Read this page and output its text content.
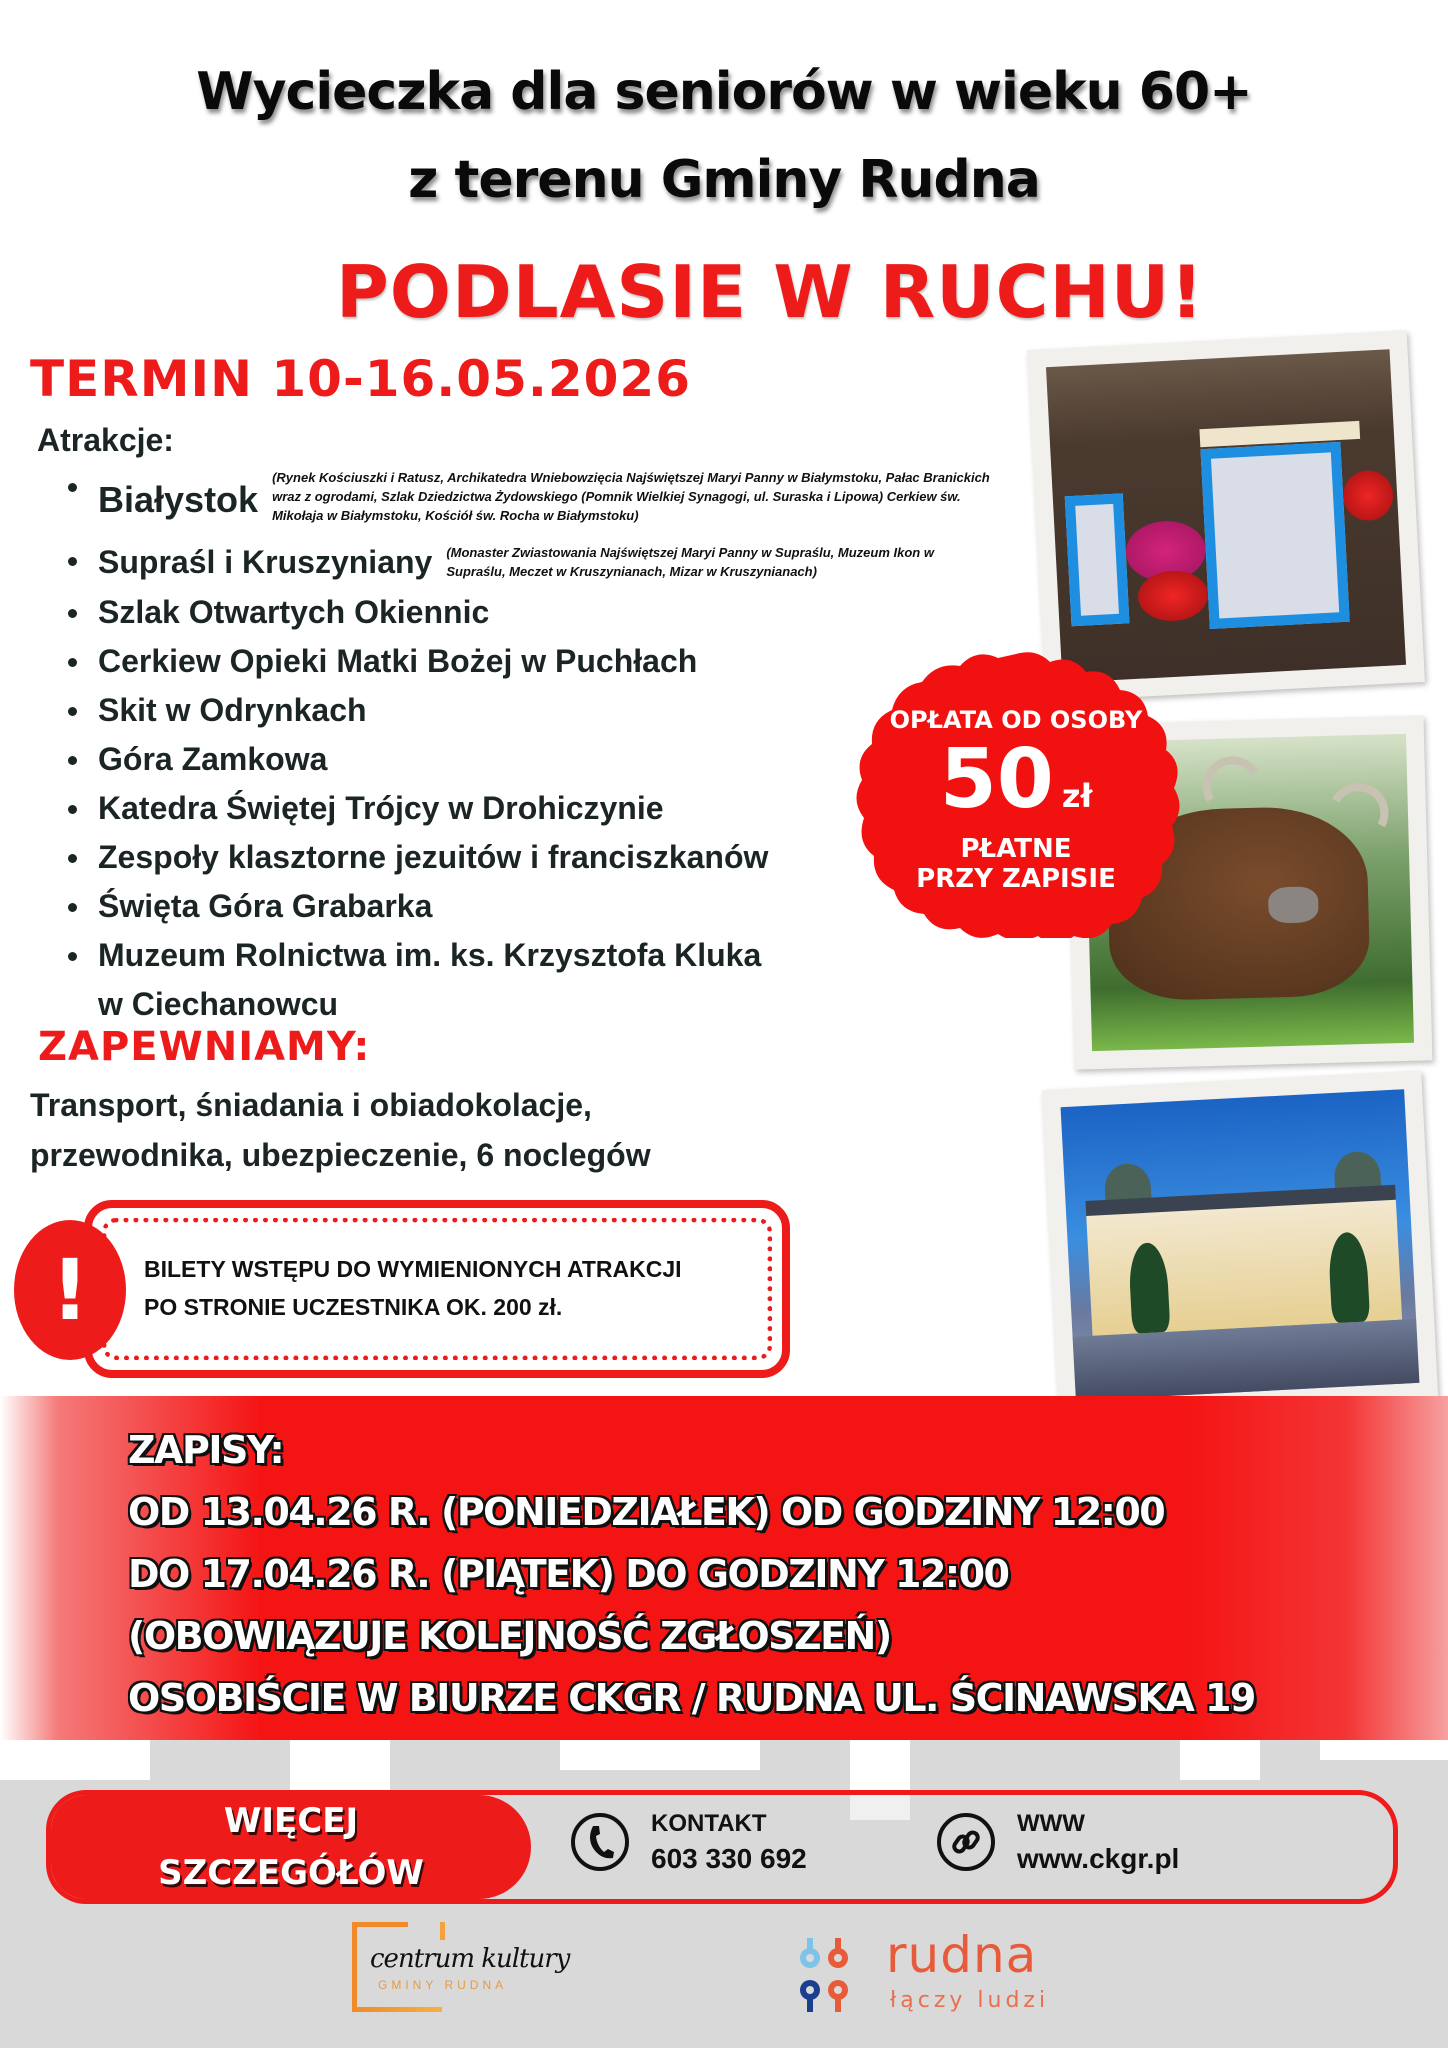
Wycieczka dla seniorów w wieku 60+
z terenu Gminy Rudna
PODLASIE W RUCHU!
TERMIN 10-16.05.2026
Atrakcje:
Białystok
(Rynek Kościuszki i Ratusz, Archikatedra Wniebowzięcia Najświętszej Maryi Panny w Białymstoku, Pałac Branickich wraz z ogrodami, Szlak Dziedzictwa Żydowskiego (Pomnik Wielkiej Synagogi, ul. Suraska i Lipowa) Cerkiew św. Mikołaja w Białymstoku, Kościół św. Rocha w Białymstoku)
Supraśl i Kruszyniany (Monaster Zwiastowania Najświętszej Maryi Panny w Supraślu, Muzeum Ikon w Supraślu, Meczet w Kruszynianach, Mizar w Kruszynianach)
Szlak Otwartych Okiennic
Cerkiew Opieki Matki Bożej w Puchłach
Skit w Odrynkach
Góra Zamkowa
Katedra Świętej Trójcy w Drohiczynie
Zespoły klasztorne jezuitów i franciszkanów
Święta Góra Grabarka
Muzeum Rolnictwa im. ks. Krzysztofa Kluka
w Ciechanowcu
ZAPEWNIAMY:
Transport, śniadania i obiadokolacje,
przewodnika, ubezpieczenie, 6 noclegów
! BILETY WSTĘPU DO WYMIENIONYCH ATRAKCJI
PO STRONIE UCZESTNIKA OK. 200 zł.
OPŁATA OD OSOBY
50 zł
PŁATNE
PRZY ZAPISIE
ZAPISY:
OD 13.04.26 R. (PONIEDZIAŁEK) OD GODZINY 12:00
DO 17.04.26 R. (PIĄTEK) DO GODZINY 12:00
(OBOWIĄZUJE KOLEJNOŚĆ ZGŁOSZEŃ)
OSOBIŚCIE W BIURZE CKGR / RUDNA UL. ŚCINAWSKA 19
WIĘCEJ
SZCZEGÓŁÓW
KONTAKT
603 330 692
WWW
www.ckgr.pl
centrum kultury
GMINY RUDNA
rudna
łączy ludzi
